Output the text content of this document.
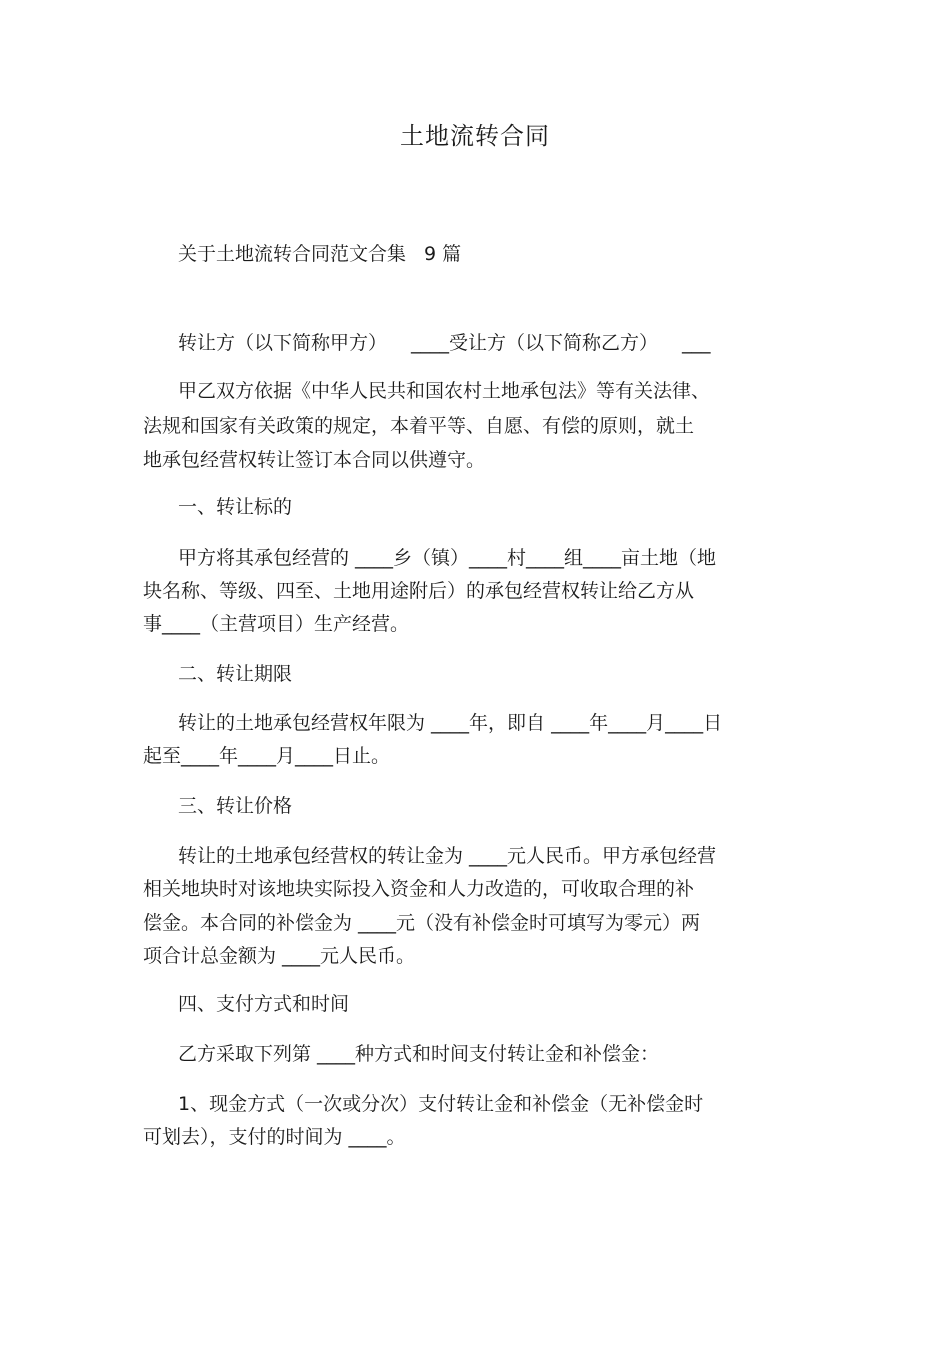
土地流转合同
关于土地流转合同范文合集 9 篇
转让方（以下简称甲方） ____受让方（以下简称乙方） ___
甲乙双方依据《中华人民共和国农村土地承包法》等有关法律、
法规和国家有关政策的规定，本着平等、自愿、有偿的原则，就土
地承包经营权转让签订本合同以供遵守。
一、转让标的
甲方将其承包经营的 ____乡（镇）____村____组____亩土地（地
块名称、等级、四至、土地用途附后）的承包经营权转让给乙方从
事____（主营项目）生产经营。
二、转让期限
转让的土地承包经营权年限为 ____年，即自 ____年____月____日
起至____年____月____日止。
三、转让价格
转让的土地承包经营权的转让金为 ____元人民币。甲方承包经营
相关地块时对该地块实际投入资金和人力改造的，可收取合理的补
偿金。本合同的补偿金为 ____元（没有补偿金时可填写为零元）两
项合计总金额为 ____元人民币。
四、支付方式和时间
乙方采取下列第 ____种方式和时间支付转让金和补偿金：
1、现金方式（一次或分次）支付转让金和补偿金（无补偿金时
可划去），支付的时间为 ____。
